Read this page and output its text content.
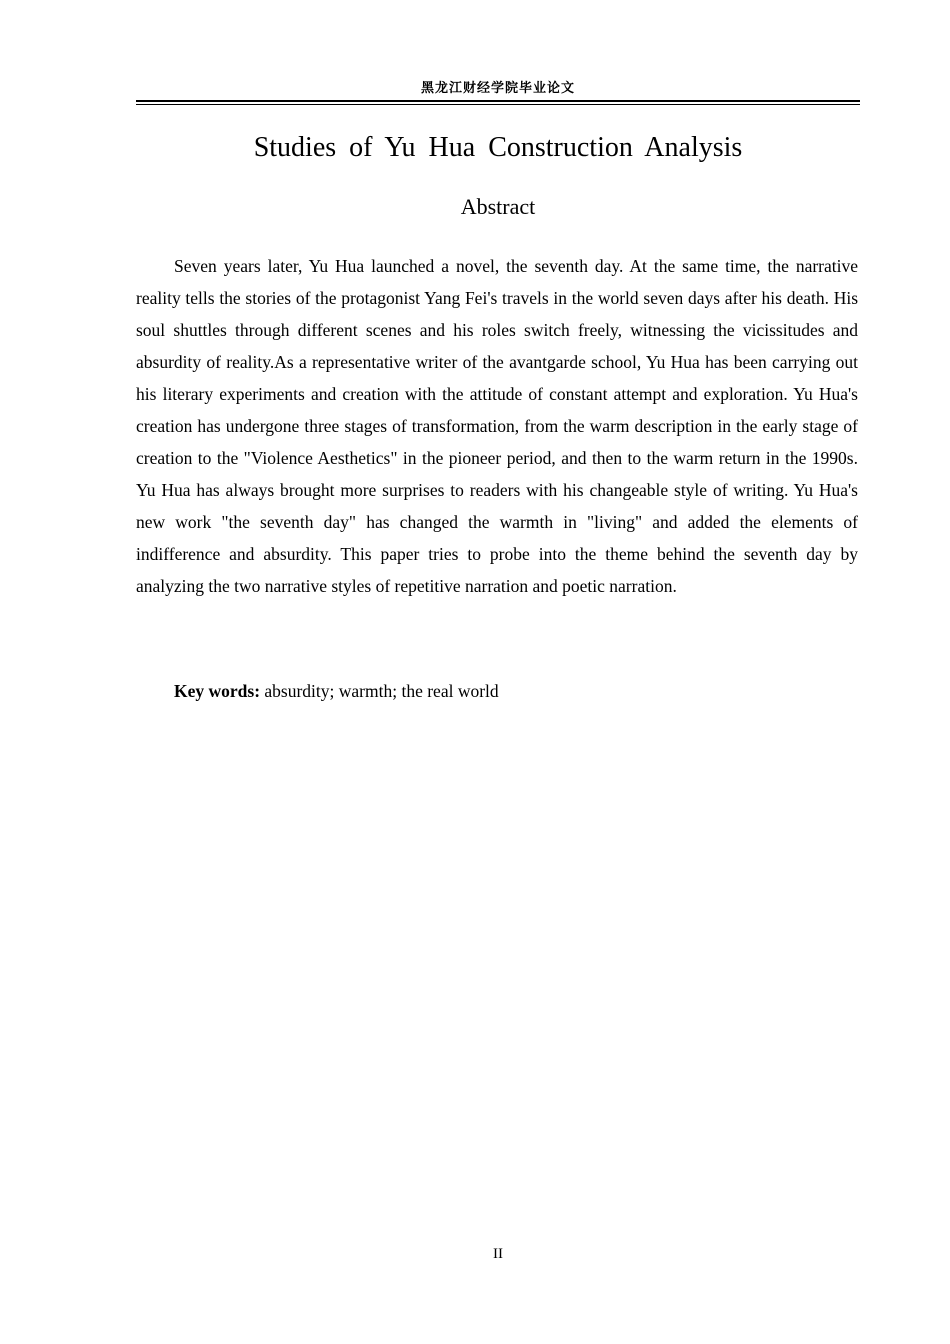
黑龙江财经学院毕业论文
Studies of Yu Hua Construction Analysis
Abstract

Seven years later, Yu Hua launched a novel, the seventh day. At the same time, the narrative reality tells the stories of the protagonist Yang Fei's travels in the world seven days after his death. His soul shuttles through different scenes and his roles switch freely, witnessing the vicissitudes and absurdity of reality.As a representative writer of the avantgarde school, Yu Hua has been carrying out his literary experiments and creation with the attitude of constant attempt and exploration. Yu Hua's creation has undergone three stages of transformation, from the warm description in the early stage of creation to the "Violence Aesthetics" in the pioneer period, and then to the warm return in the 1990s. Yu Hua has always brought more surprises to readers with his changeable style of writing. Yu Hua's new work "the seventh day" has changed the warmth in "living" and added the elements of indifference and absurdity. This paper tries to probe into the theme behind the seventh day by analyzing the two narrative styles of repetitive narration and poetic narration.

Key words: absurdity; warmth; the real world

II
